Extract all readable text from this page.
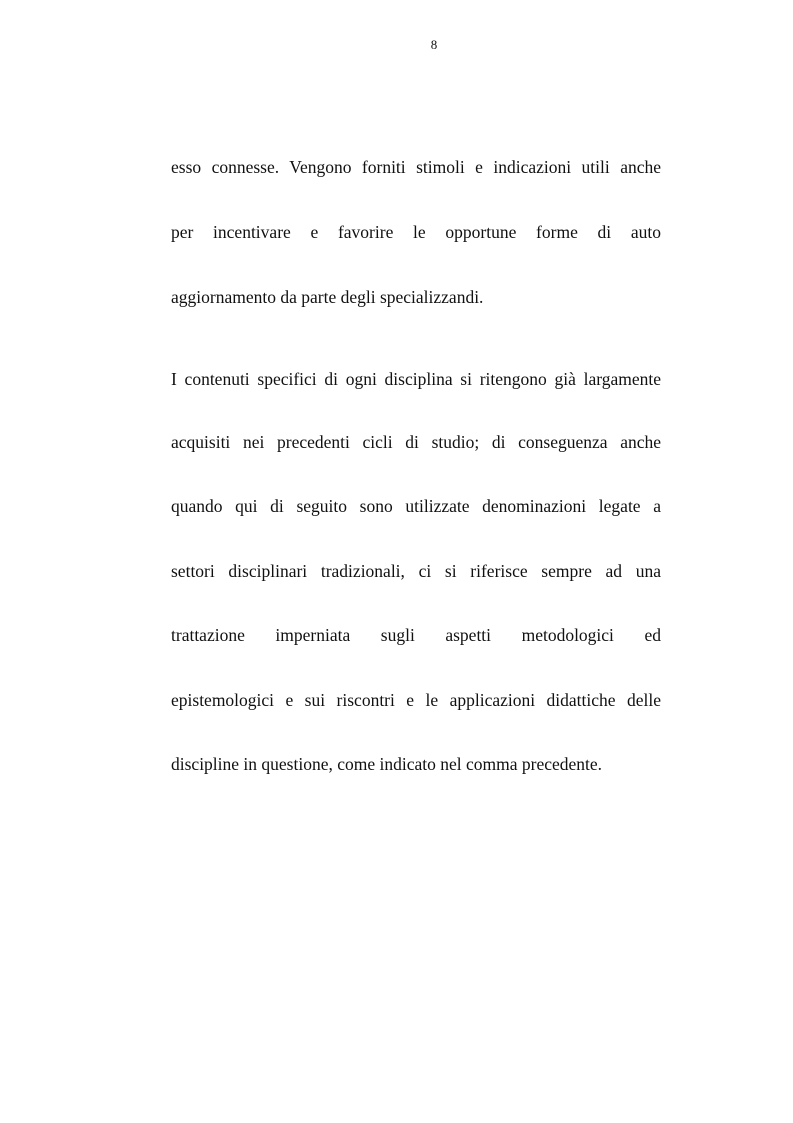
8
esso connesse. Vengono forniti stimoli e indicazioni utili anche
per incentivare e favorire le opportune forme di auto
aggiornamento da parte degli specializzandi.
I contenuti specifici di ogni disciplina si ritengono già largamente
acquisiti nei precedenti cicli di studio; di conseguenza anche
quando qui di seguito sono utilizzate denominazioni legate a
settori disciplinari tradizionali, ci si riferisce sempre ad una
trattazione imperniata sugli aspetti metodologici ed
epistemologici e sui riscontri e le applicazioni didattiche delle
discipline in questione, come indicato nel comma precedente.
